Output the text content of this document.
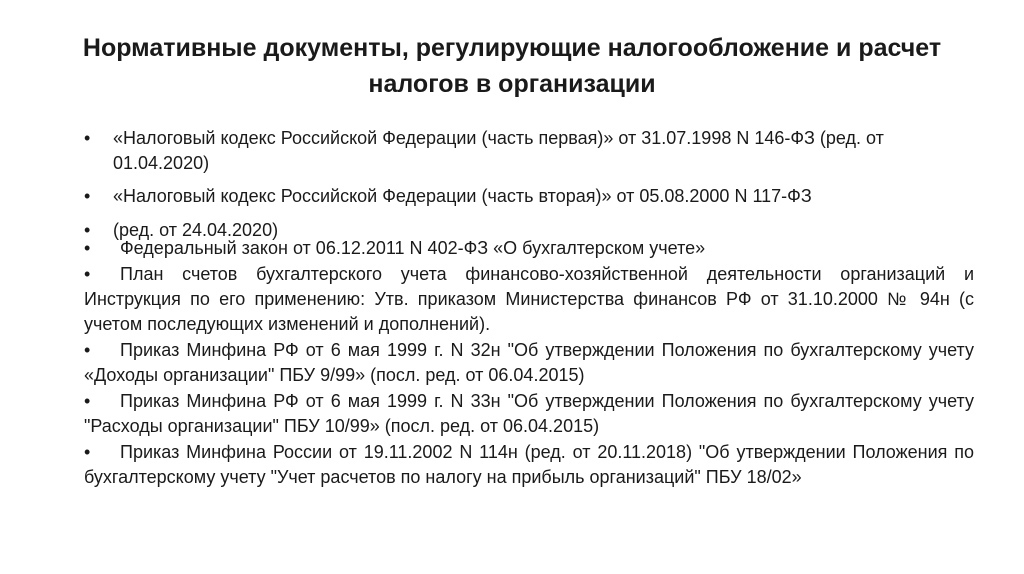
Нормативные документы, регулирующие налогообложение и расчет
налогов в организации
• «Налоговый кодекс Российской Федерации (часть первая)» от 31.07.1998 N 146-ФЗ (ред. от 01.04.2020)
• «Налоговый кодекс Российской Федерации (часть вторая)» от 05.08.2000 N 117-ФЗ
• (ред. от 24.04.2020)
• Федеральный закон от 06.12.2011 N 402-ФЗ «О бухгалтерском учете»
• План счетов бухгалтерского учета финансово-хозяйственной деятельности организаций и Инструкция по его применению: Утв. приказом Министерства финансов РФ от 31.10.2000 № 94н (с учетом последующих изменений и дополнений).
• Приказ Минфина РФ от 6 мая 1999 г. N 32н "Об утверждении Положения по бухгалтерскому учету «Доходы организации" ПБУ 9/99» (посл. ред. от 06.04.2015)
• Приказ Минфина РФ от 6 мая 1999 г. N 33н "Об утверждении Положения по бухгалтерскому учету "Расходы организации" ПБУ 10/99» (посл. ред. от 06.04.2015)
• Приказ Минфина России от 19.11.2002 N 114н (ред. от 20.11.2018) "Об утверждении Положения по бухгалтерскому учету "Учет расчетов по налогу на прибыль организаций" ПБУ 18/02»
